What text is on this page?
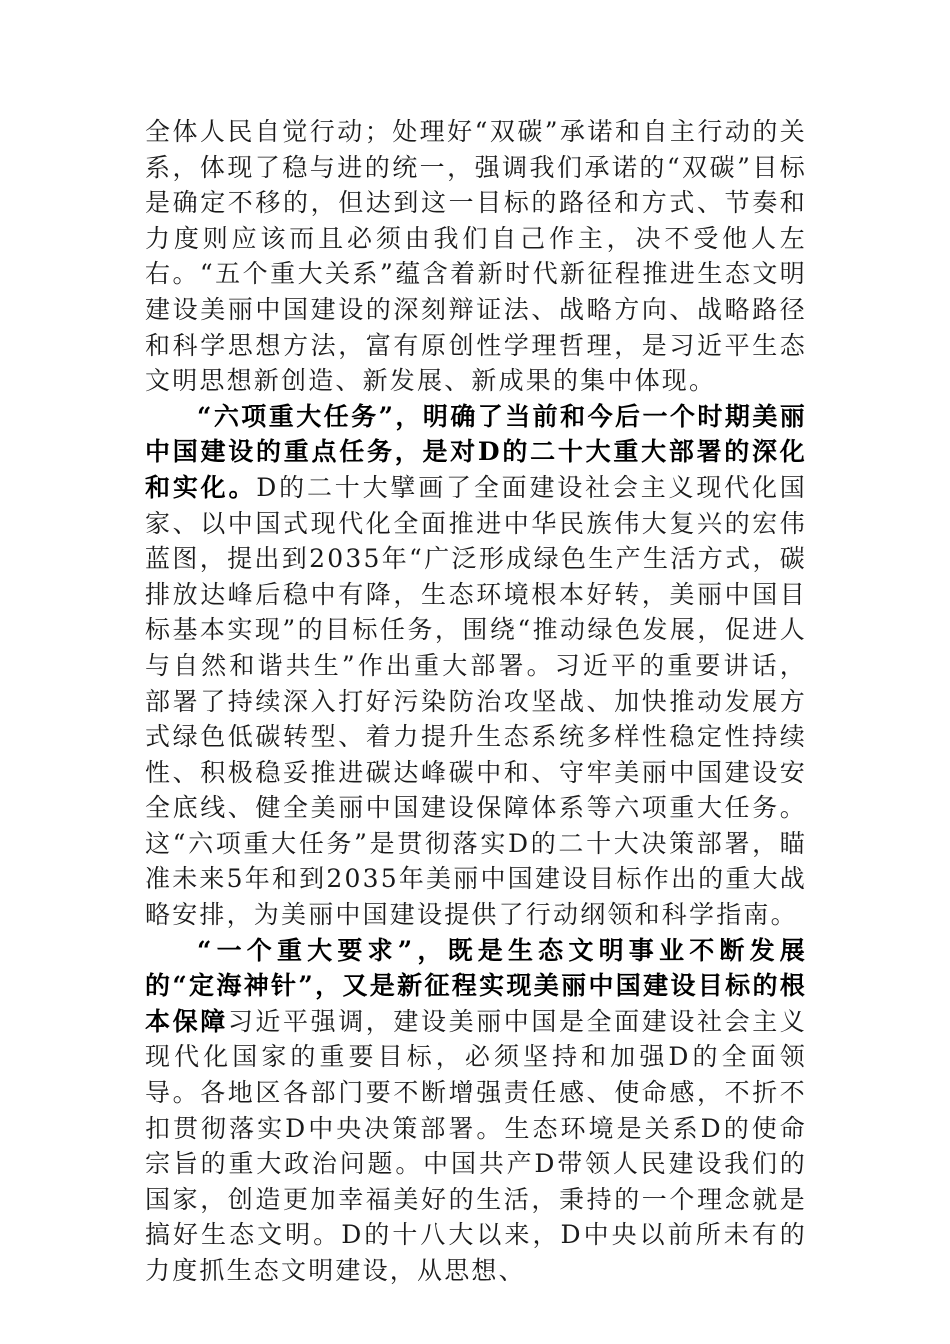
全体人民自觉行动；处理好“双碳”承诺和自主行动的关系，体现了稳与进的统一，强调我们承诺的“双碳”目标是确定不移的，但达到这一目标的路径和方式、节奏和力度则应该而且必须由我们自己作主，决不受他人左右。“五个重大关系”蕴含着新时代新征程推进生态文明建设美丽中国建设的深刻辩证法、战略方向、战略路径和科学思想方法，富有原创性学理哲理，是习近平生态文明思想新创造、新发展、新成果的集中体现。

“六项重大任务”，明确了当前和今后一个时期美丽中国建设的重点任务，是对D的二十大重大部署的深化和实化。D的二十大擘画了全面建设社会主义现代化国家、以中国式现代化全面推进中华民族伟大复兴的宏伟蓝图，提出到2035年“广泛形成绿色生产生活方式，碳排放达峰后稳中有降，生态环境根本好转，美丽中国目标基本实现”的目标任务，围绕“推动绿色发展，促进人与自然和谐共生”作出重大部署。习近平的重要讲话，部署了持续深入打好污染防治攻坚战、加快推动发展方式绿色低碳转型、着力提升生态系统多样性稳定性持续性、积极稳妥推进碳达峰碳中和、守牢美丽中国建设安全底线、健全美丽中国建设保障体系等六项重大任务。这“六项重大任务”是贯彻落实D的二十大决策部署，瞄准未来5年和到2035年美丽中国建设目标作出的重大战略安排，为美丽中国建设提供了行动纲领和科学指南。

“一个重大要求”，既是生态文明事业不断发展的“定海神针”，又是新征程实现美丽中国建设目标的根本保障习近平强调，建设美丽中国是全面建设社会主义现代化国家的重要目标，必须坚持和加强D的全面领导。各地区各部门要不断增强责任感、使命感，不折不扣贯彻落实D中央决策部署。生态环境是关系D的使命宗旨的重大政治问题。中国共产D带领人民建设我们的国家，创造更加幸福美好的生活，秉持的一个理念就是搞好生态文明。D的十八大以来，D中央以前所未有的力度抓生态文明建设，从思想、
